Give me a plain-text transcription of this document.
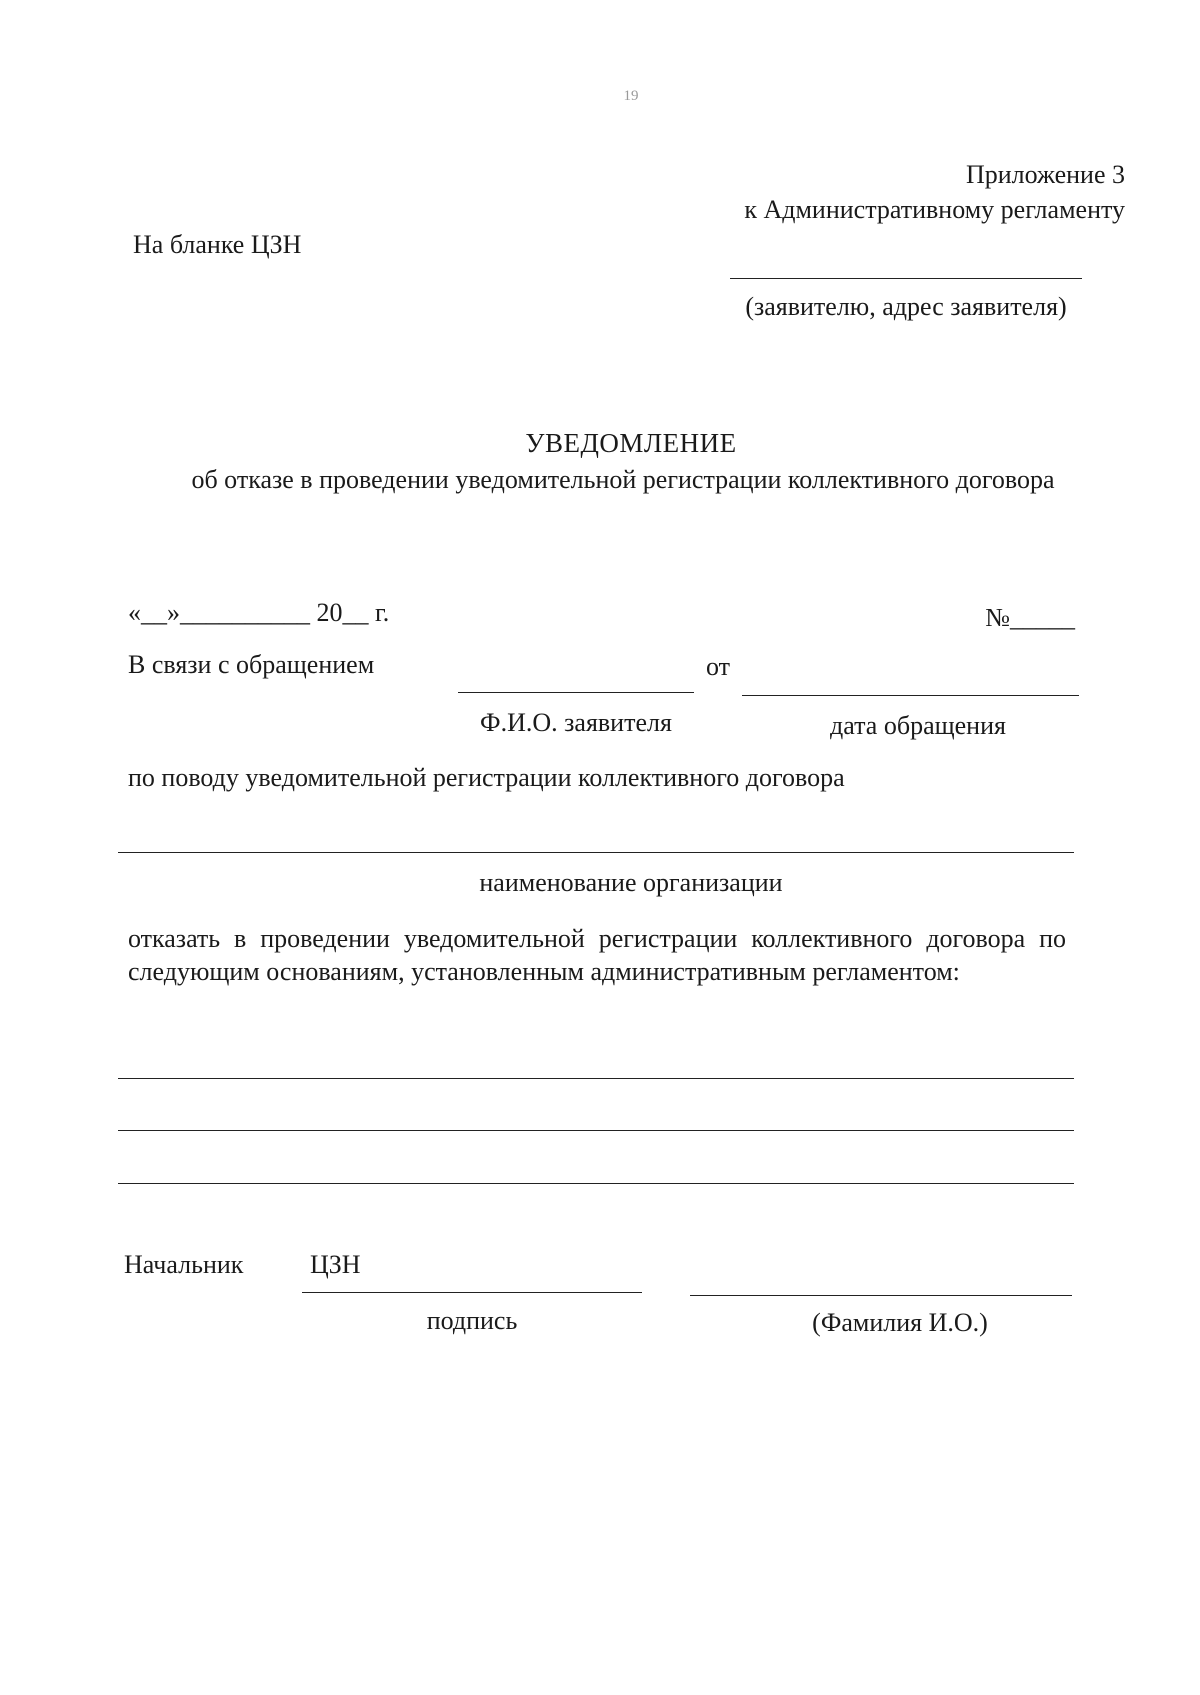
19
Приложение 3
к Административному регламенту
На бланке ЦЗН
(заявителю, адрес заявителя)
УВЕДОМЛЕНИЕ
об отказе в проведении уведомительной регистрации коллективного договора
«__»__________ 20__ г.	№_____
В связи с обращением	от
Ф.И.О. заявителя	дата обращения
по поводу уведомительной регистрации коллективного договора
наименование организации
отказать в проведении уведомительной регистрации коллективного договора по следующим основаниям, установленным административным регламентом:
Начальник	ЦЗН
подпись	(Фамилия И.О.)
